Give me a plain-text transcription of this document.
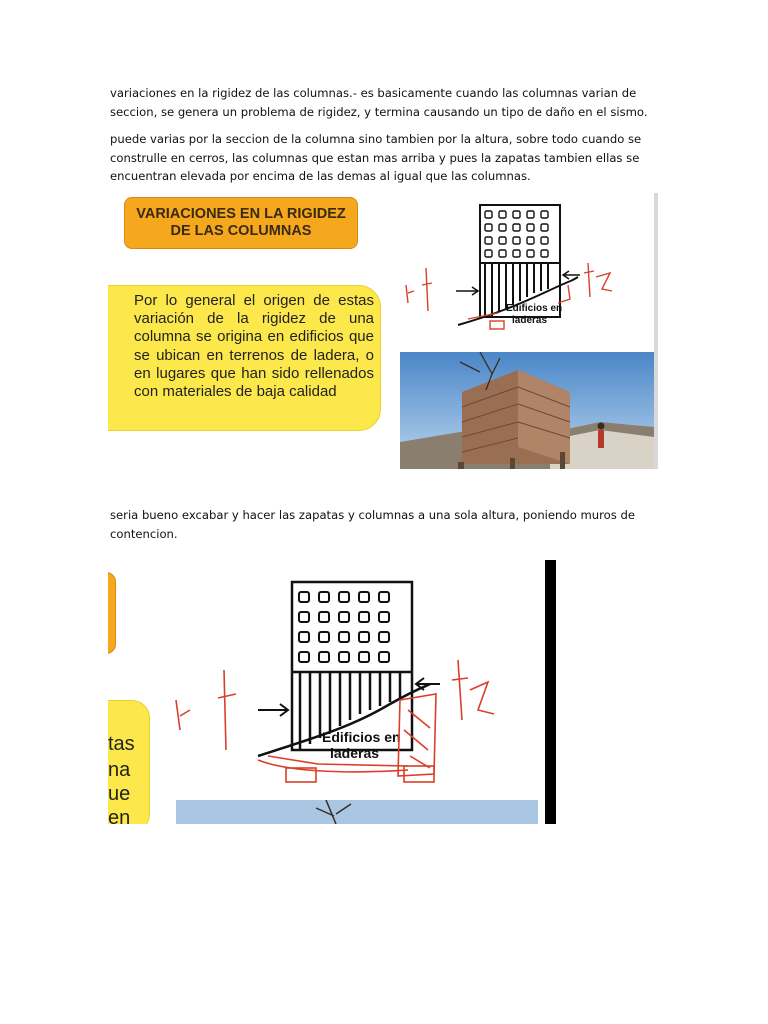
variaciones en la rigidez de las columnas.- es basicamente cuando las columnas varian de seccion, se genera un problema de rigidez, y termina causando un tipo de daño en el sismo.

puede varias por la seccion de la columna sino tambien por la altura, sobre todo cuando se construlle en cerros, las columnas que estan mas arriba y pues la zapatas tambien ellas se encuentran elevada por encima de las demas al igual que las columnas.

VARIACIONES EN LA RIGIDEZ
DE LAS COLUMNAS

Por lo general el origen de estas variación de la rigidez de una columna se origina en edificios que se ubican en terrenos de ladera, o en lugares que han sido rellenados con materiales de baja calidad

Edificios en
laderas

seria bueno excabar y hacer las zapatas y columnas a una sola altura, poniendo muros de contencion.

tas
na
ue
en
Edificios en
laderas
